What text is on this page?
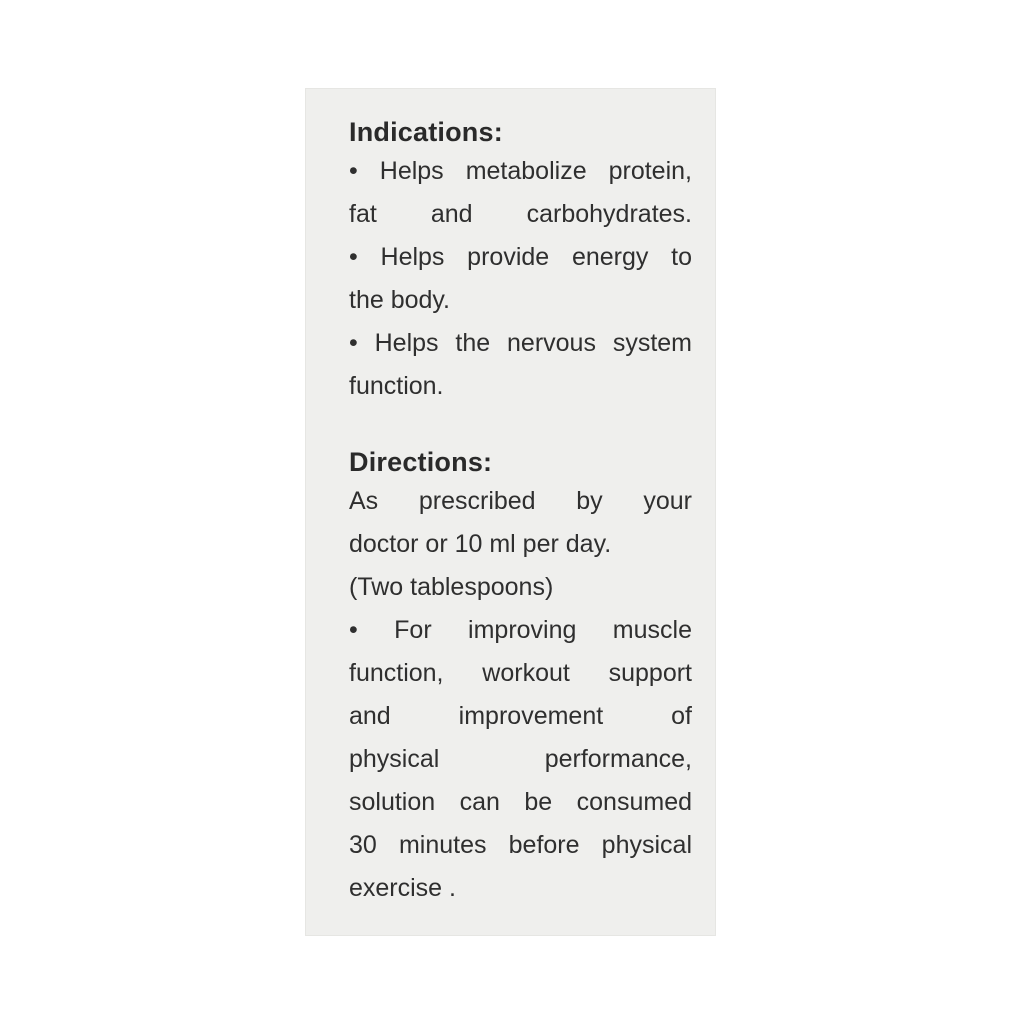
Indications:

• Helps metabolize protein,

fat and carbohydrates.

• Helps provide energy to

the body.

• Helps the nervous system

function.

Directions:

As prescribed by your

doctor or 10 ml per day.

(Two tablespoons)

• For improving muscle

function, workout support

and improvement of

physical performance,

solution can be consumed

30 minutes before physical

exercise .
